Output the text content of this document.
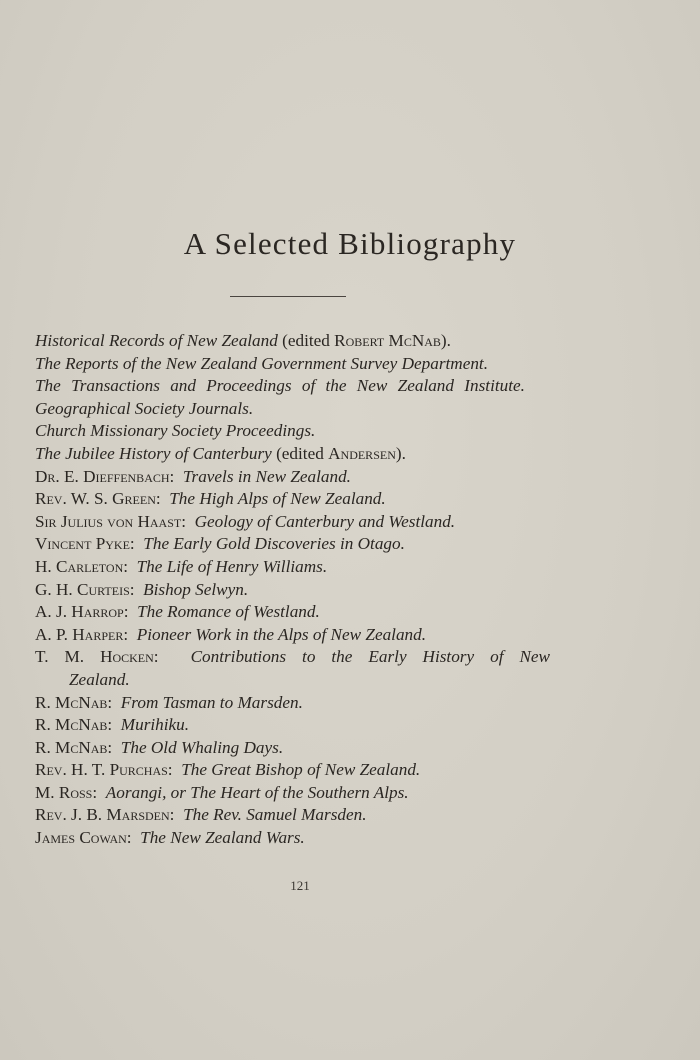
A Selected Bibliography
Historical Records of New Zealand (edited Robert McNab).
The Reports of the New Zealand Government Survey Department.
The Transactions and Proceedings of the New Zealand Institute.
Geographical Society Journals.
Church Missionary Society Proceedings.
The Jubilee History of Canterbury (edited Andersen).
Dr. E. Dieffenbach: Travels in New Zealand.
Rev. W. S. Green: The High Alps of New Zealand.
Sir Julius von Haast: Geology of Canterbury and Westland.
Vincent Pyke: The Early Gold Discoveries in Otago.
H. Carleton: The Life of Henry Williams.
G. H. Curteis: Bishop Selwyn.
A. J. Harrop: The Romance of Westland.
A. P. Harper: Pioneer Work in the Alps of New Zealand.
T. M. Hocken: Contributions to the Early History of New Zealand.
R. McNab: From Tasman to Marsden.
R. McNab: Murihiku.
R. McNab: The Old Whaling Days.
Rev. H. T. Purchas: The Great Bishop of New Zealand.
M. Ross: Aorangi, or The Heart of the Southern Alps.
Rev. J. B. Marsden: The Rev. Samuel Marsden.
James Cowan: The New Zealand Wars.
121
